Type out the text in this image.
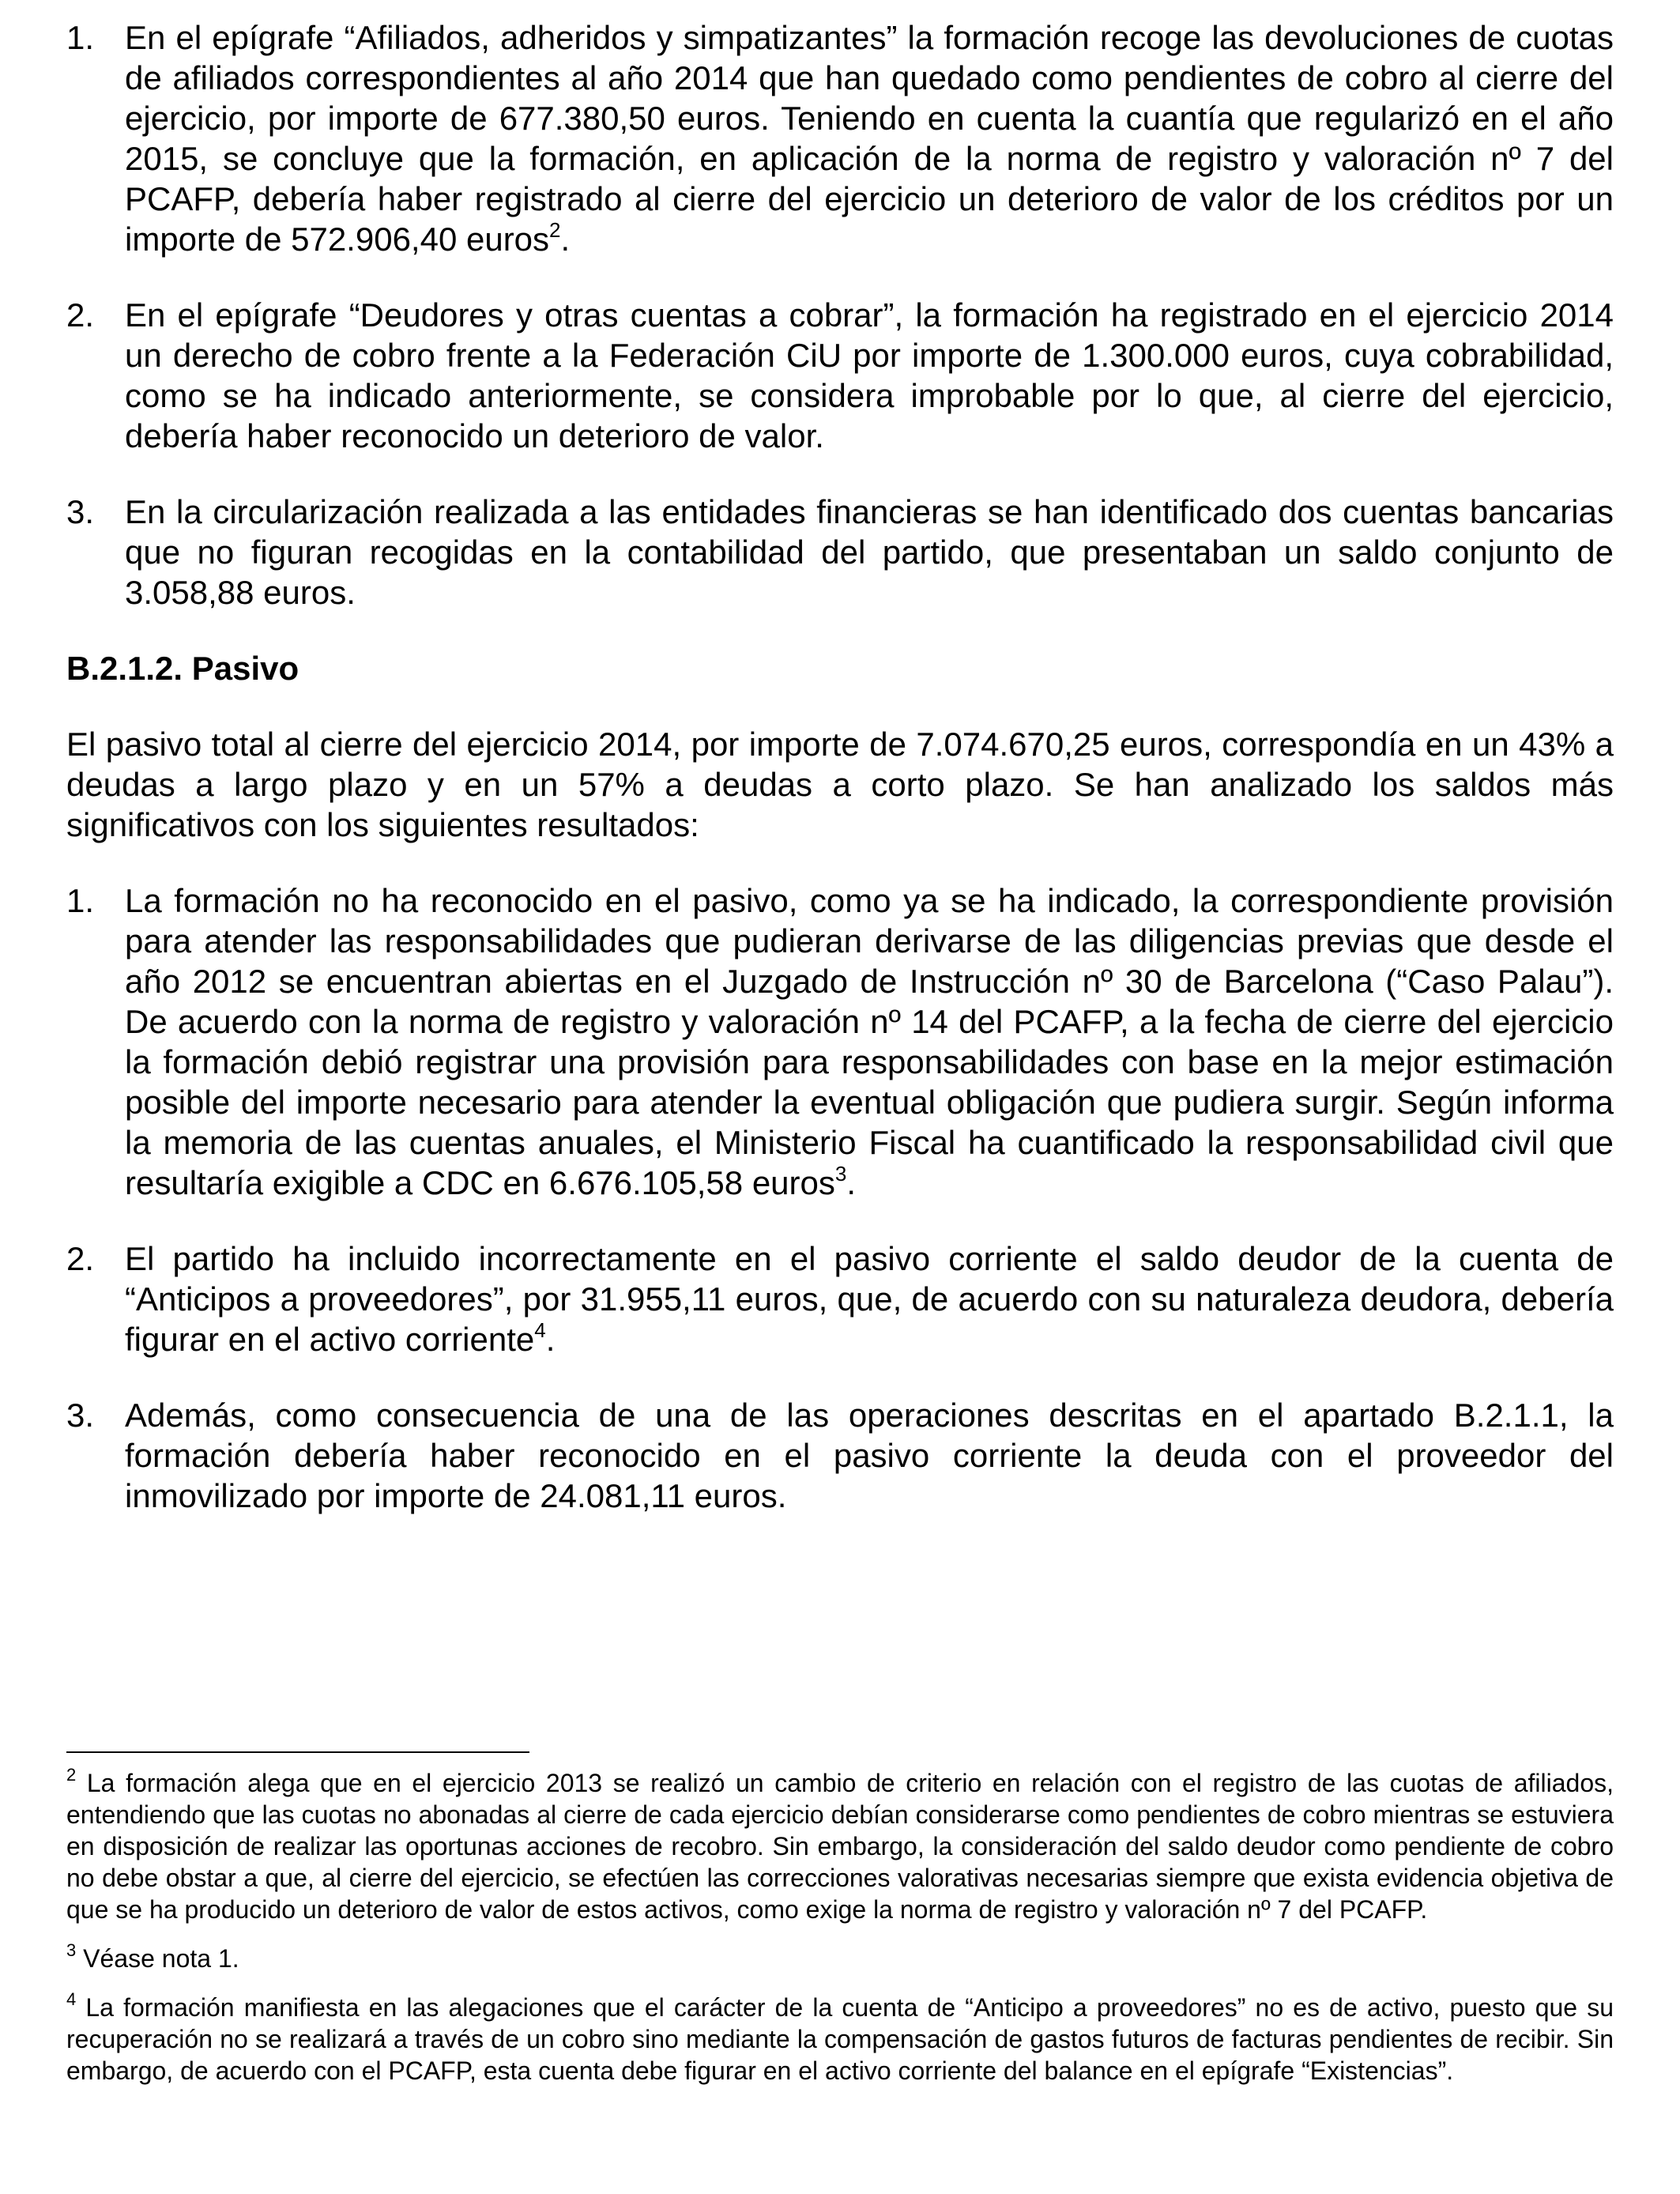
1. En el epígrafe “Afiliados, adheridos y simpatizantes” la formación recoge las devoluciones de cuotas de afiliados correspondientes al año 2014 que han quedado como pendientes de cobro al cierre del ejercicio, por importe de 677.380,50 euros. Teniendo en cuenta la cuantía que regularizó en el año 2015, se concluye que la formación, en aplicación de la norma de registro y valoración nº 7 del PCAFP, debería haber registrado al cierre del ejercicio un deterioro de valor de los créditos por un importe de 572.906,40 euros$^2$.
2. En el epígrafe “Deudores y otras cuentas a cobrar”, la formación ha registrado en el ejercicio 2014 un derecho de cobro frente a la Federación CiU por importe de 1.300.000 euros, cuya cobrabilidad, como se ha indicado anteriormente, se considera improbable por lo que, al cierre del ejercicio, debería haber reconocido un deterioro de valor.
3. En la circularización realizada a las entidades financieras se han identificado dos cuentas bancarias que no figuran recogidas en la contabilidad del partido, que presentaban un saldo conjunto de 3.058,88 euros.
B.2.1.2. Pasivo
El pasivo total al cierre del ejercicio 2014, por importe de 7.074.670,25 euros, correspondía en un 43% a deudas a largo plazo y en un 57% a deudas a corto plazo. Se han analizado los saldos más significativos con los siguientes resultados:
1. La formación no ha reconocido en el pasivo, como ya se ha indicado, la correspondiente provisión para atender las responsabilidades que pudieran derivarse de las diligencias previas que desde el año 2012 se encuentran abiertas en el Juzgado de Instrucción nº 30 de Barcelona (“Caso Palau”). De acuerdo con la norma de registro y valoración nº 14 del PCAFP, a la fecha de cierre del ejercicio la formación debió registrar una provisión para responsabilidades con base en la mejor estimación posible del importe necesario para atender la eventual obligación que pudiera surgir. Según informa la memoria de las cuentas anuales, el Ministerio Fiscal ha cuantificado la responsabilidad civil que resultaría exigible a CDC en 6.676.105,58 euros$^3$.
2. El partido ha incluido incorrectamente en el pasivo corriente el saldo deudor de la cuenta de “Anticipos a proveedores”, por 31.955,11 euros, que, de acuerdo con su naturaleza deudora, debería figurar en el activo corriente$^4$.
3. Además, como consecuencia de una de las operaciones descritas en el apartado B.2.1.1, la formación debería haber reconocido en el pasivo corriente la deuda con el proveedor del inmovilizado por importe de 24.081,11 euros.
$^2$ La formación alega que en el ejercicio 2013 se realizó un cambio de criterio en relación con el registro de las cuotas de afiliados, entendiendo que las cuotas no abonadas al cierre de cada ejercicio debían considerarse como pendientes de cobro mientras se estuviera en disposición de realizar las oportunas acciones de recobro. Sin embargo, la consideración del saldo deudor como pendiente de cobro no debe obstar a que, al cierre del ejercicio, se efectúen las correcciones valorativas necesarias siempre que exista evidencia objetiva de que se ha producido un deterioro de valor de estos activos, como exige la norma de registro y valoración nº 7 del PCAFP.
$^3$ Véase nota 1.
$^4$ La formación manifiesta en las alegaciones que el carácter de la cuenta de “Anticipo a proveedores” no es de activo, puesto que su recuperación no se realizará a través de un cobro sino mediante la compensación de gastos futuros de facturas pendientes de recibir. Sin embargo, de acuerdo con el PCAFP, esta cuenta debe figurar en el activo corriente del balance en el epígrafe “Existencias”.
